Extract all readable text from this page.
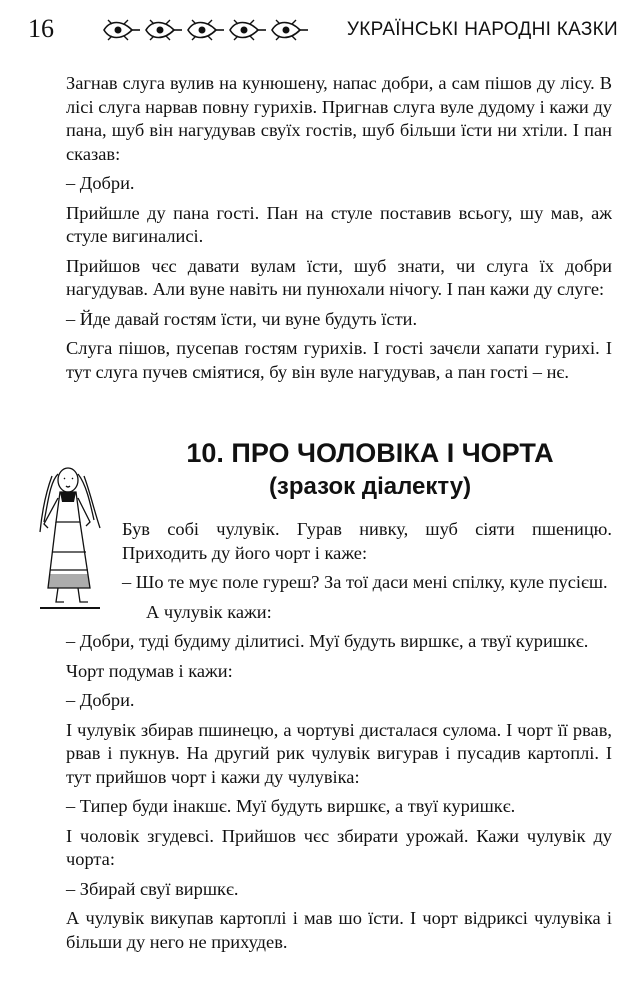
16	УКРАЇНСЬКІ НАРОДНІ КАЗКИ

Загнав слуга вулив на кунюшену, напас добри, а сам пішов ду лісу. В лісі слуга нарвав повну гурихів. Пригнав слуга вуле дудому і кажи ду пана, шуб він нагудував свуїх гостів, шуб більши їсти ни хтіли. І пан сказав:

– Добри.

Прийшле ду пана гості. Пан на стуле поставив всьогу, шу мав, аж стуле вигиналисі.

Прийшов чєс давати вулам їсти, шуб знати, чи слуга їх добри нагудував. Али вуне навіть ни пунюхали нічогу. І пан кажи ду слуге:

– Йде давай гостям їсти, чи вуне будуть їсти.

Слуга пішов, пусепав гостям гурихів. І гості зачєли хапати гурихі. І тут слуга пучев сміятися, бу він вуле нагудував, а пан гості – нє.

10. ПРО ЧОЛОВІКА І ЧОРТА
(зразок діалекту)

Був собі чулувік. Гурав нивку, шуб сіяти пшеницю. Приходить ду його чорт і каже:

– Шо те мує поле гуреш? За тої даси мені спілку, куле пусієш.

А чулувік кажи:

– Добри, туді будиму ділитисі. Муї будуть виршкє, а твуї куришкє.

Чорт подумав і кажи:

– Добри.

І чулувік збирав пшинецю, а чортуві дисталася сулома. І чорт її рвав, рвав і пукнув. На другий рик чулувік вигурав і пусадив картоплі. І тут прийшов чорт і кажи ду чулувіка:

– Типер буди інакшє. Муї будуть виршкє, а твуї куришкє.

І чоловік згудевсі. Прийшов чєс збирати урожай. Кажи чулувік ду чорта:

– Збирай свуї виршкє.

А чулувік викупав картоплі і мав шо їсти. І чорт відриксі чулувіка і більши ду него не прихудев.
